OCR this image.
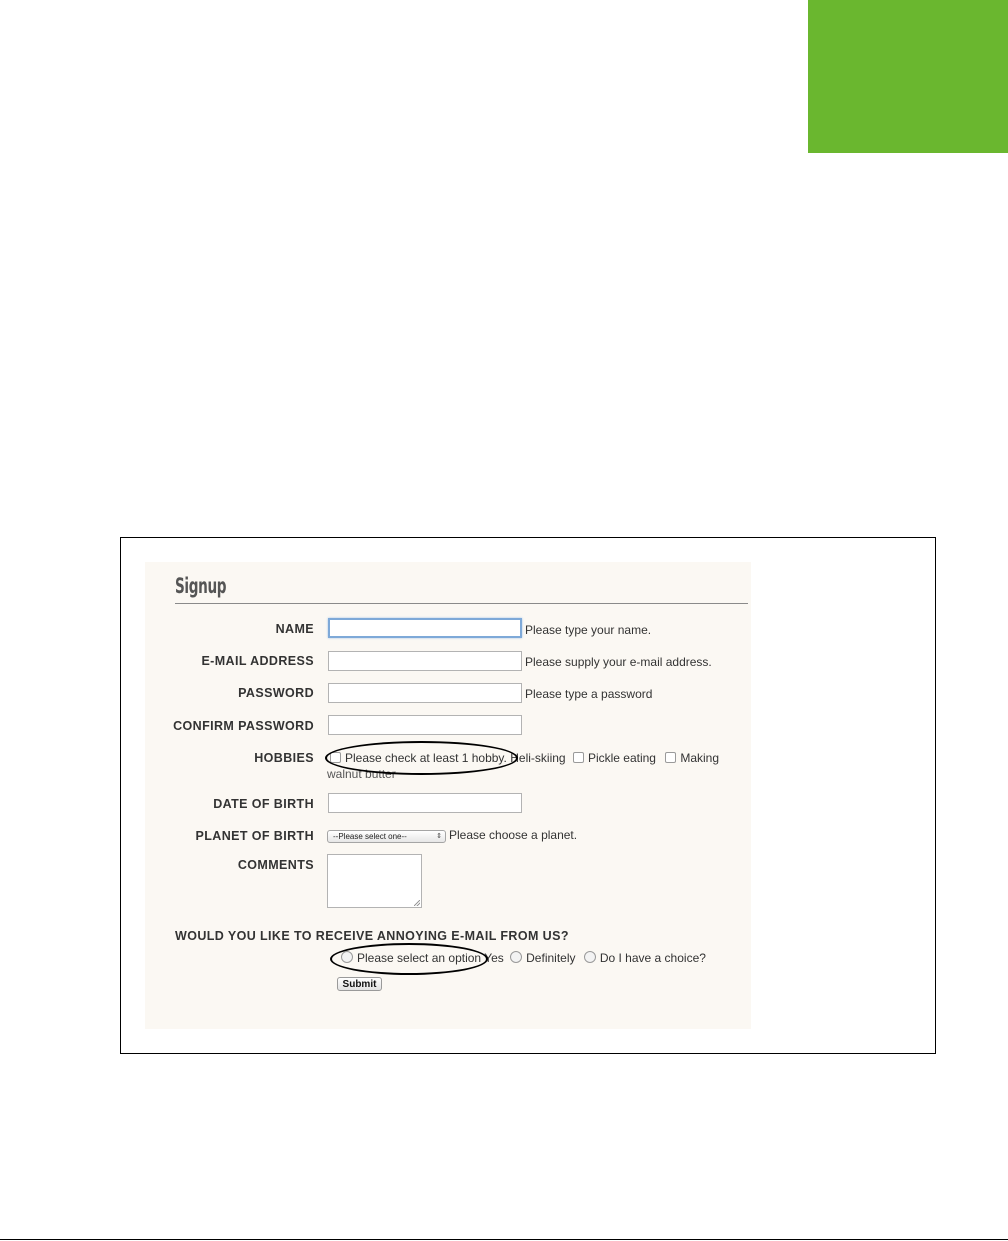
Signup
NAME	Please type your name.
E-MAIL ADDRESS	Please supply your e-mail address.
PASSWORD	Please type a password
CONFIRM PASSWORD
HOBBIES	Please check at least 1 hobby. Heli-skiing Pickle eating Making
walnut butter
DATE OF BIRTH
PLANET OF BIRTH	--Please select one--	⇕ Please choose a planet.
COMMENTS
WOULD YOU LIKE TO RECEIVE ANNOYING E-MAIL FROM US?
Please select an option Yes Definitely Do I have a choice?
Submit
